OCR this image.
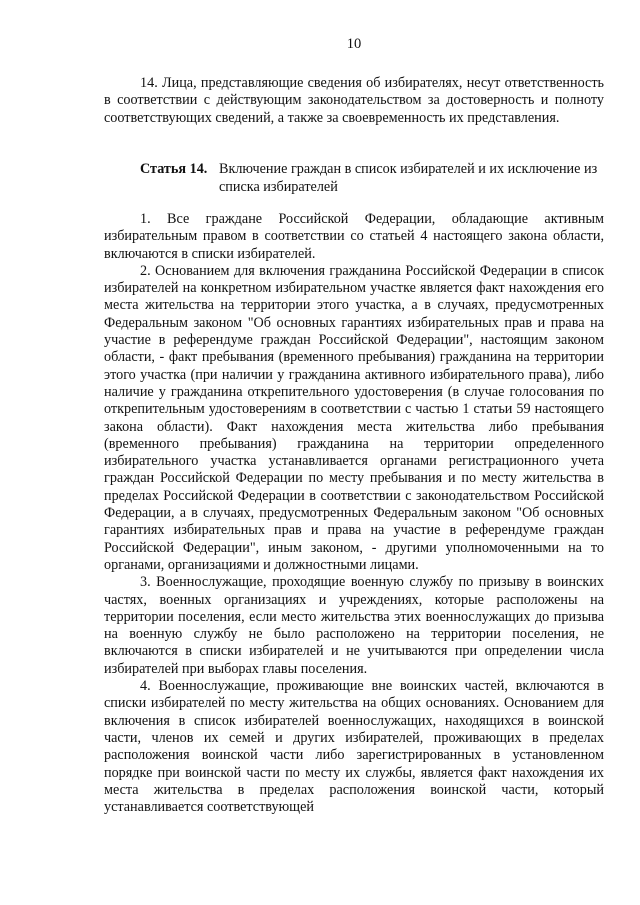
10

14. Лица, представляющие сведения об избирателях, несут ответственность в соответствии с действующим законодательством за достоверность и полноту соответствующих сведений, а также за своевременность их представления.

Статья 14. Включение граждан в список избирателей и их исключение из списка избирателей

1. Все граждане Российской Федерации, обладающие активным избирательным правом в соответствии со статьей 4 настоящего закона области, включаются в списки избирателей.

2. Основанием для включения гражданина Российской Федерации в список избирателей на конкретном избирательном участке является факт нахождения его места жительства на территории этого участка, а в случаях, предусмотренных Федеральным законом "Об основных гарантиях избирательных прав и права на участие в референдуме граждан Российской Федерации", настоящим законом области, - факт пребывания (временного пребывания) гражданина на территории этого участка (при наличии у гражданина активного избирательного права), либо наличие у гражданина открепительного удостоверения (в случае голосования по открепительным удостоверениям в соответствии с частью 1 статьи 59 настоящего закона области). Факт нахождения места жительства либо пребывания (временного пребывания) гражданина на территории определенного избирательного участка устанавливается органами регистрационного учета граждан Российской Федерации по месту пребывания и по месту жительства в пределах Российской Федерации в соответствии с законодательством Российской Федерации, а в случаях, предусмотренных Федеральным законом "Об основных гарантиях избирательных прав и права на участие в референдуме граждан Российской Федерации", иным законом, - другими уполномоченными на то органами, организациями и должностными лицами.

3. Военнослужащие, проходящие военную службу по призыву в воинских частях, военных организациях и учреждениях, которые расположены на территории поселения, если место жительства этих военнослужащих до призыва на военную службу не было расположено на территории поселения, не включаются в списки избирателей и не учитываются при определении числа избирателей при выборах главы поселения.

4. Военнослужащие, проживающие вне воинских частей, включаются в списки избирателей по месту жительства на общих основаниях. Основанием для включения в список избирателей военнослужащих, находящихся в воинской части, членов их семей и других избирателей, проживающих в пределах расположения воинской части либо зарегистрированных в установленном порядке при воинской части по месту их службы, является факт нахождения их места жительства в пределах расположения воинской части, который устанавливается соответствующей
